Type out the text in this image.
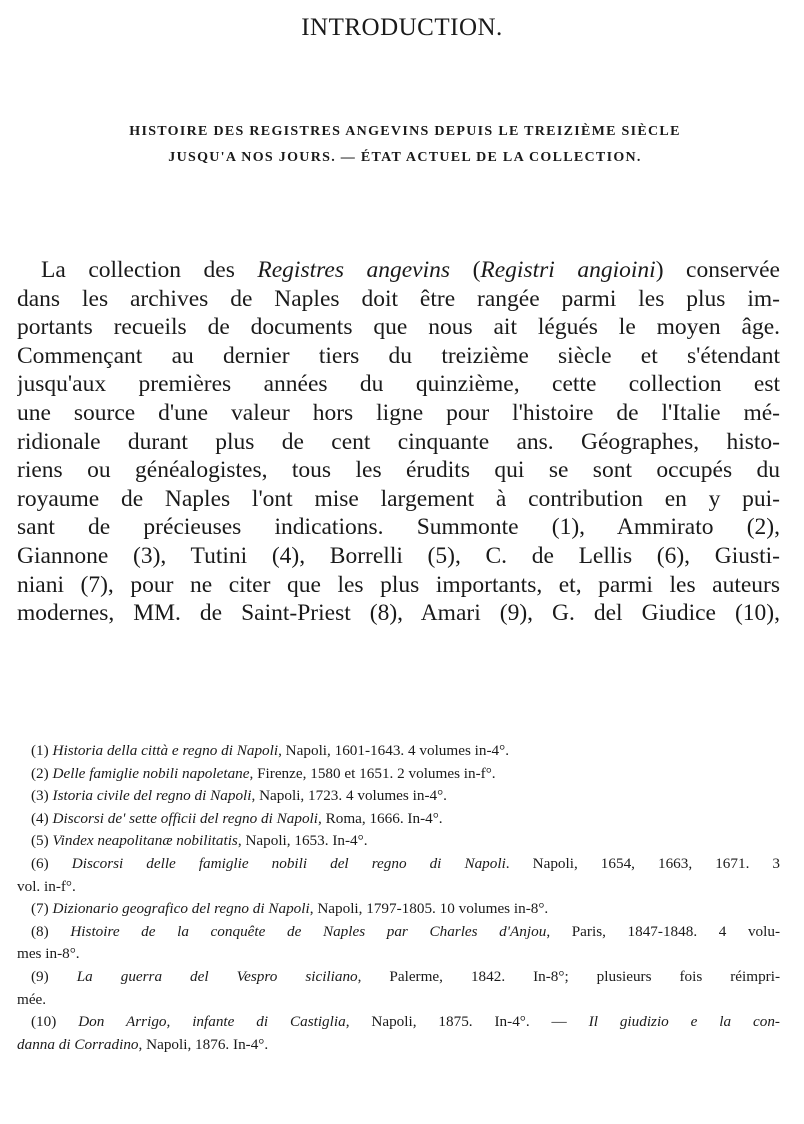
INTRODUCTION.
HISTOIRE DES REGISTRES ANGEVINS DEPUIS LE TREIZIÈME SIÈCLE
JUSQU'A NOS JOURS. — ÉTAT ACTUEL DE LA COLLECTION.
La collection des Registres angevins (Registri angioini) conservée
dans les archives de Naples doit être rangée parmi les plus im-
portants recueils de documents que nous ait légués le moyen âge.
Commençant au dernier tiers du treizième siècle et s'étendant
jusqu'aux premières années du quinzième, cette collection est
une source d'une valeur hors ligne pour l'histoire de l'Italie mé-
ridionale durant plus de cent cinquante ans. Géographes, histo-
riens ou généalogistes, tous les érudits qui se sont occupés du
royaume de Naples l'ont mise largement à contribution en y pui-
sant de précieuses indications. Summonte (1), Ammirato (2),
Giannone (3), Tutini (4), Borrelli (5), C. de Lellis (6), Giusti-
niani (7), pour ne citer que les plus importants, et, parmi les auteurs
modernes, MM. de Saint-Priest (8), Amari (9), G. del Giudice (10),
(1) Historia della città e regno di Napoli, Napoli, 1601-1643. 4 volumes in-4°.
(2) Delle famiglie nobili napoletane, Firenze, 1580 et 1651. 2 volumes in-f°.
(3) Istoria civile del regno di Napoli, Napoli, 1723. 4 volumes in-4°.
(4) Discorsi de' sette officii del regno di Napoli, Roma, 1666. In-4°.
(5) Vindex neapolitanæ nobilitatis, Napoli, 1653. In-4°.
(6) Discorsi delle famiglie nobili del regno di Napoli. Napoli, 1654, 1663, 1671. 3
vol. in-f°.
(7) Dizionario geografico del regno di Napoli, Napoli, 1797-1805. 10 volumes in-8°.
(8) Histoire de la conquête de Naples par Charles d'Anjou, Paris, 1847-1848. 4 volu-
mes in-8°.
(9) La guerra del Vespro siciliano, Palerme, 1842. In-8°; plusieurs fois réimpri-
mée.
(10) Don Arrigo, infante di Castiglia, Napoli, 1875. In-4°. — Il giudizio e la con-
danna di Corradino, Napoli, 1876. In-4°.
